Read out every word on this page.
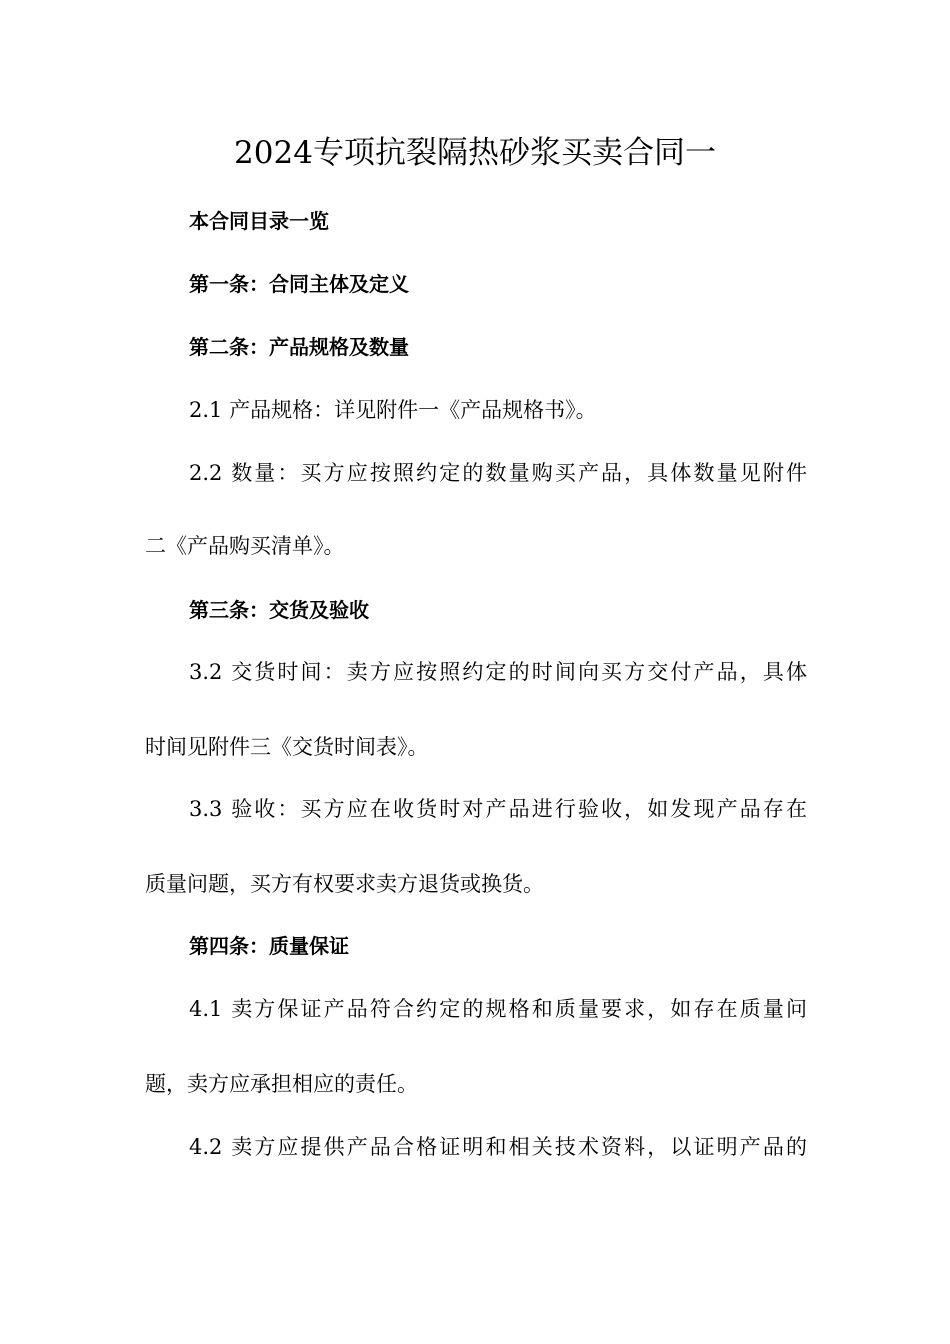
2024专项抗裂隔热砂浆买卖合同一
本合同目录一览
第一条：合同主体及定义
第二条：产品规格及数量
2.1 产品规格：详见附件一《产品规格书》。
2.2 数量：买方应按照约定的数量购买产品，具体数量见附件
二《产品购买清单》。
第三条：交货及验收
3.2 交货时间：卖方应按照约定的时间向买方交付产品，具体
时间见附件三《交货时间表》。
3.3 验收：买方应在收货时对产品进行验收，如发现产品存在
质量问题，买方有权要求卖方退货或换货。
第四条：质量保证
4.1 卖方保证产品符合约定的规格和质量要求，如存在质量问
题，卖方应承担相应的责任。
4.2 卖方应提供产品合格证明和相关技术资料，以证明产品的
